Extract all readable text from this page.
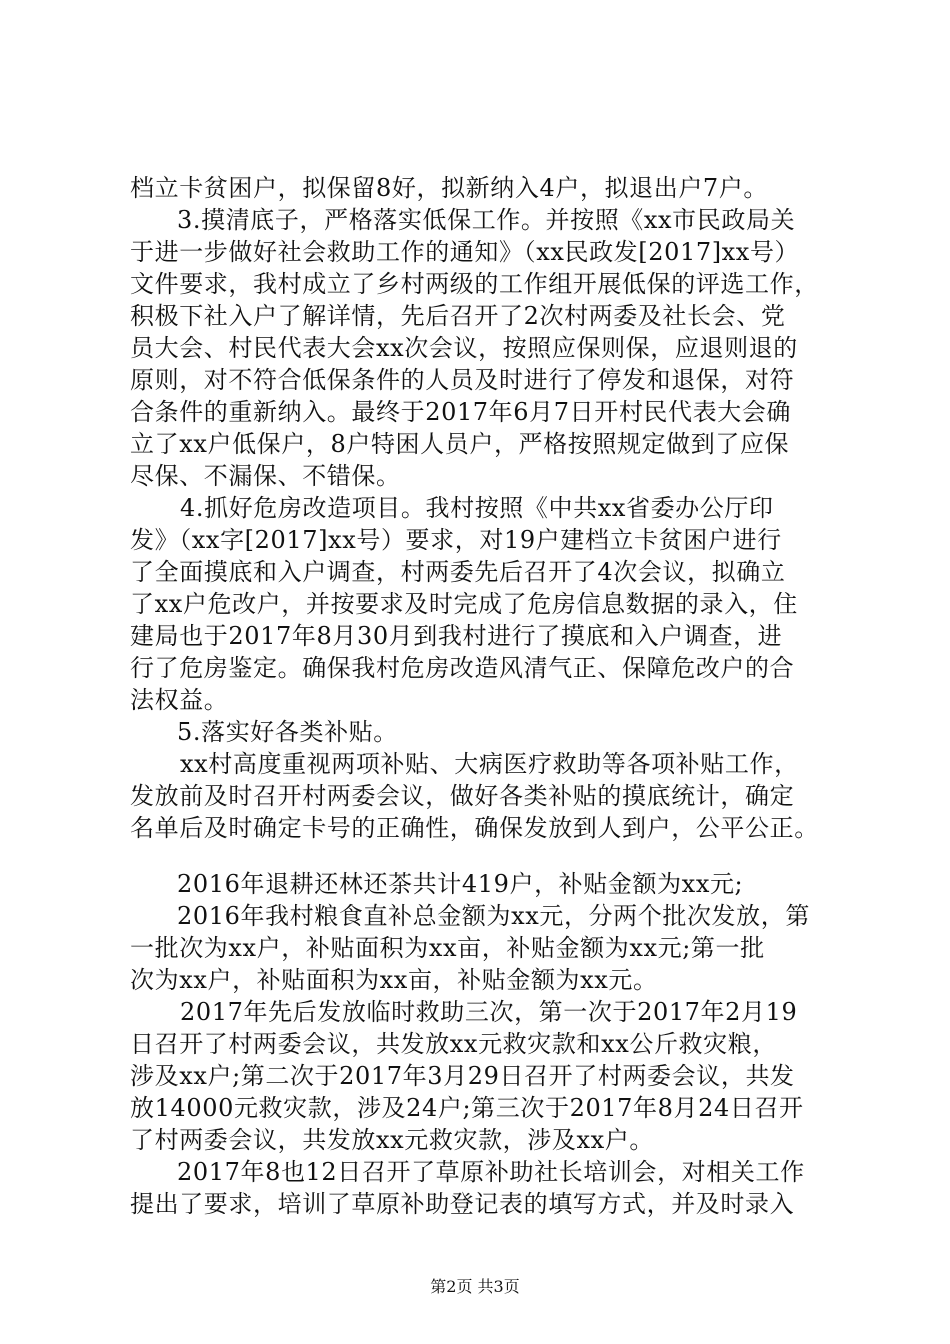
档立卡贫困户，拟保留8好，拟新纳入4户，拟退出户7户。
3.摸清底子，严格落实低保工作。并按照《xx市民政局关
于进一步做好社会救助工作的通知》（xx民政发[2017]xx号）
文件要求，我村成立了乡村两级的工作组开展低保的评选工作，
积极下社入户了解详情，先后召开了2次村两委及社长会、党
员大会、村民代表大会xx次会议，按照应保则保，应退则退的
原则，对不符合低保条件的人员及时进行了停发和退保，对符
合条件的重新纳入。最终于2017年6月7日开村民代表大会确
立了xx户低保户，8户特困人员户，严格按照规定做到了应保
尽保、不漏保、不错保。
4.抓好危房改造项目。我村按照《中共xx省委办公厅印
发》（xx字[2017]xx号）要求，对19户建档立卡贫困户进行
了全面摸底和入户调查，村两委先后召开了4次会议，拟确立
了xx户危改户，并按要求及时完成了危房信息数据的录入，住
建局也于2017年8月30月到我村进行了摸底和入户调查，进
行了危房鉴定。确保我村危房改造风清气正、保障危改户的合
法权益。
5.落实好各类补贴。
xx村高度重视两项补贴、大病医疗救助等各项补贴工作，
发放前及时召开村两委会议，做好各类补贴的摸底统计，确定
名单后及时确定卡号的正确性，确保发放到人到户，公平公正。
2016年退耕还林还茶共计419户，补贴金额为xx元;
2016年我村粮食直补总金额为xx元，分两个批次发放，第
一批次为xx户，补贴面积为xx亩，补贴金额为xx元;第一批
次为xx户，补贴面积为xx亩，补贴金额为xx元。
2017年先后发放临时救助三次，第一次于2017年2月19
日召开了村两委会议，共发放xx元救灾款和xx公斤救灾粮，
涉及xx户;第二次于2017年3月29日召开了村两委会议，共发
放14000元救灾款，涉及24户;第三次于2017年8月24日召开
了村两委会议，共发放xx元救灾款，涉及xx户。
2017年8也12日召开了草原补助社长培训会，对相关工作
提出了要求，培训了草原补助登记表的填写方式，并及时录入
第2页 共3页
